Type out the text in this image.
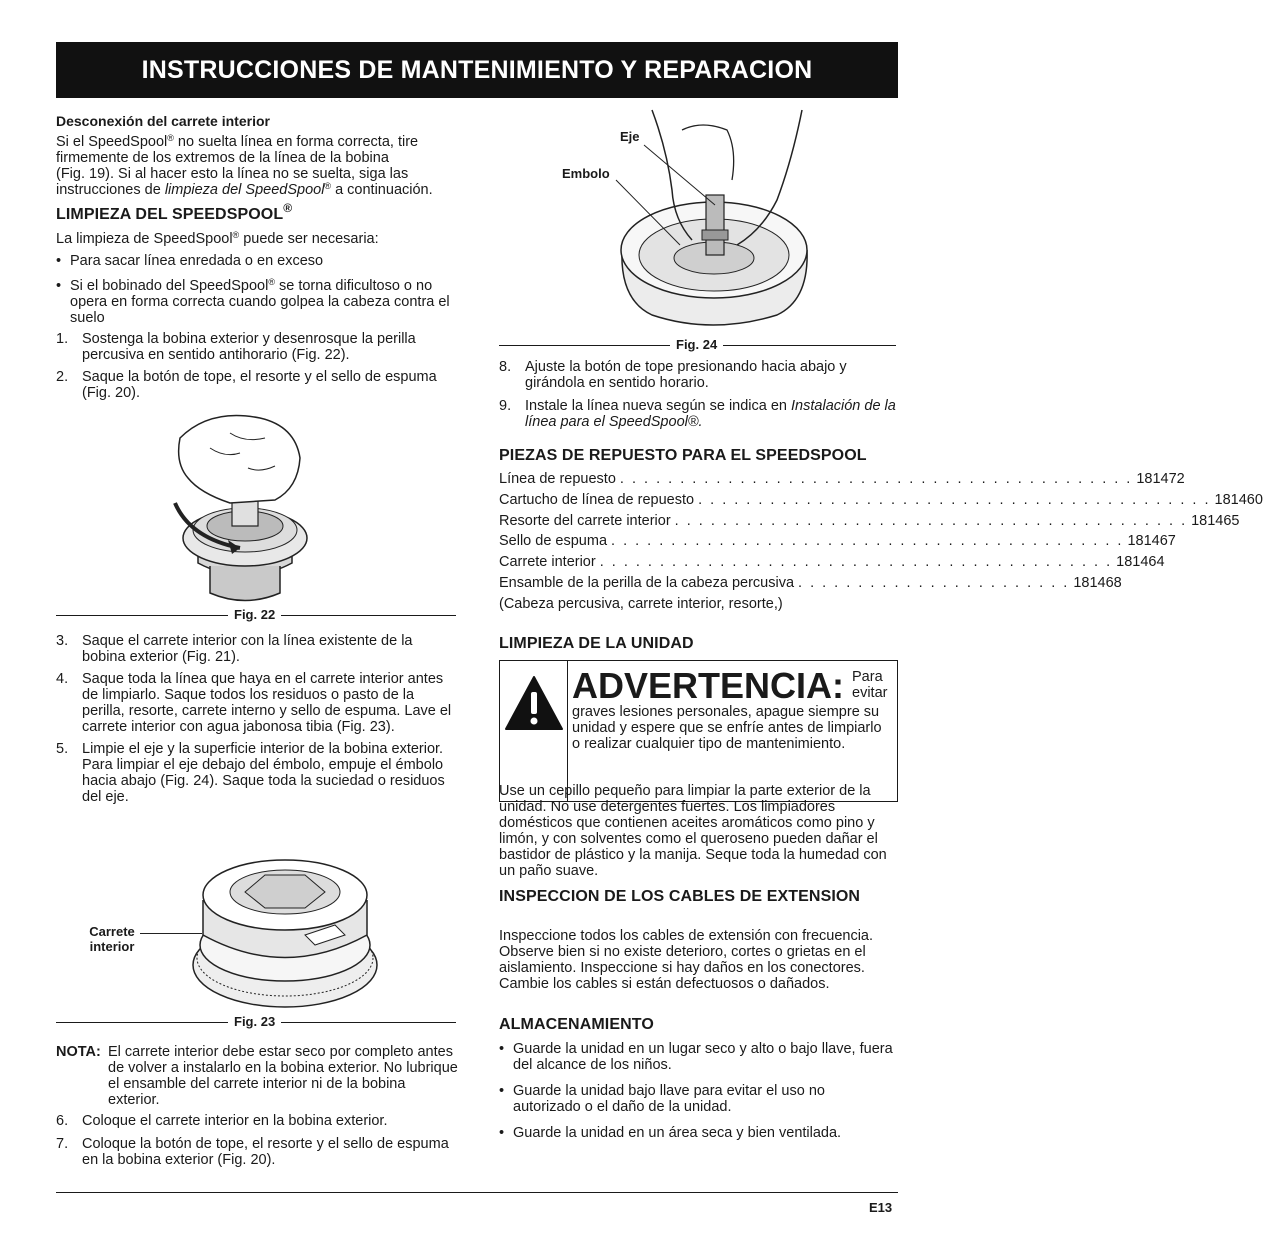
INSTRUCCIONES DE MANTENIMIENTO Y REPARACION
Desconexión del carrete interior
Si el SpeedSpool® no suelta línea en forma correcta, tire
firmemente de los extremos de la línea de la bobina
(Fig. 19). Si al hacer esto la línea no se suelta, siga las
instrucciones de limpieza del SpeedSpool® a continuación.
LIMPIEZA DEL SPEEDSPOOL®
La limpieza de SpeedSpool® puede ser necesaria:
• Para sacar línea enredada o en exceso
• Si el bobinado del SpeedSpool® se torna dificultoso o no opera en forma correcta cuando golpea la cabeza contra el suelo
1. Sostenga la bobina exterior y desenrosque la perilla percusiva en sentido antihorario (Fig. 22).
2. Saque la botón de tope, el resorte y el sello de espuma (Fig. 20).
Fig. 22
3. Saque el carrete interior con la línea existente de la bobina exterior (Fig. 21).
4. Saque toda la línea que haya en el carrete interior antes de limpiarlo. Saque todos los residuos o pasto de la perilla, resorte, carrete interno y sello de espuma. Lave el carrete interior con agua jabonosa tibia (Fig. 23).
5. Limpie el eje y la superficie interior de la bobina exterior. Para limpiar el eje debajo del émbolo, empuje el émbolo hacia abajo (Fig. 24). Saque toda la suciedad o residuos del eje.
Carrete
interior
Fig. 23
NOTA: El carrete interior debe estar seco por completo antes de volver a instalarlo en la bobina exterior. No lubrique el ensamble del carrete interior ni de la bobina exterior.
6. Coloque el carrete interior en la bobina exterior.
7. Coloque la botón de tope, el resorte y el sello de espuma en la bobina exterior (Fig. 20).
Eje
Embolo
Fig. 24
8. Ajuste la botón de tope presionando hacia abajo y girándola en sentido horario.
9. Instale la línea nueva según se indica en Instalación de la línea para el SpeedSpool®.
PIEZAS DE REPUESTO PARA EL SPEEDSPOOL
Línea de repuesto . . . . . . . . . . . . . . . . . . . . . . . . . . . . . . . . . . . . . . . . . . . 181472
Cartucho de línea de repuesto . . . . . . . . . . . . . . . . . . . . . . . . . . . . . . . . . . . . . . . . . . . 181460
Resorte del carrete interior . . . . . . . . . . . . . . . . . . . . . . . . . . . . . . . . . . . . . . . . . . . 181465
Sello de espuma . . . . . . . . . . . . . . . . . . . . . . . . . . . . . . . . . . . . . . . . . . . 181467
Carrete interior . . . . . . . . . . . . . . . . . . . . . . . . . . . . . . . . . . . . . . . . . . . 181464
Ensamble de la perilla de la cabeza percusiva . . . . . . . . . . . . . . . . . . . . . . . 181468
(Cabeza percusiva, carrete interior, resorte,)
LIMPIEZA DE LA UNIDAD
ADVERTENCIA: Para evitar
graves lesiones personales, apague siempre su unidad y espere que se enfríe antes de limpiarlo o realizar cualquier tipo de mantenimiento.
Use un cepillo pequeño para limpiar la parte exterior de la unidad. No use detergentes fuertes. Los limpiadores domésticos que contienen aceites aromáticos como pino y limón, y con solventes como el queroseno pueden dañar el bastidor de plástico y la manija. Seque toda la humedad con un paño suave.
INSPECCION DE LOS CABLES DE EXTENSION
Inspeccione todos los cables de extensión con frecuencia. Observe bien si no existe deterioro, cortes o grietas en el aislamiento. Inspeccione si hay daños en los conectores. Cambie los cables si están defectuosos o dañados.
ALMACENAMIENTO
• Guarde la unidad en un lugar seco y alto o bajo llave, fuera del alcance de los niños.
• Guarde la unidad bajo llave para evitar el uso no autorizado o el daño de la unidad.
• Guarde la unidad en un área seca y bien ventilada.
E13
